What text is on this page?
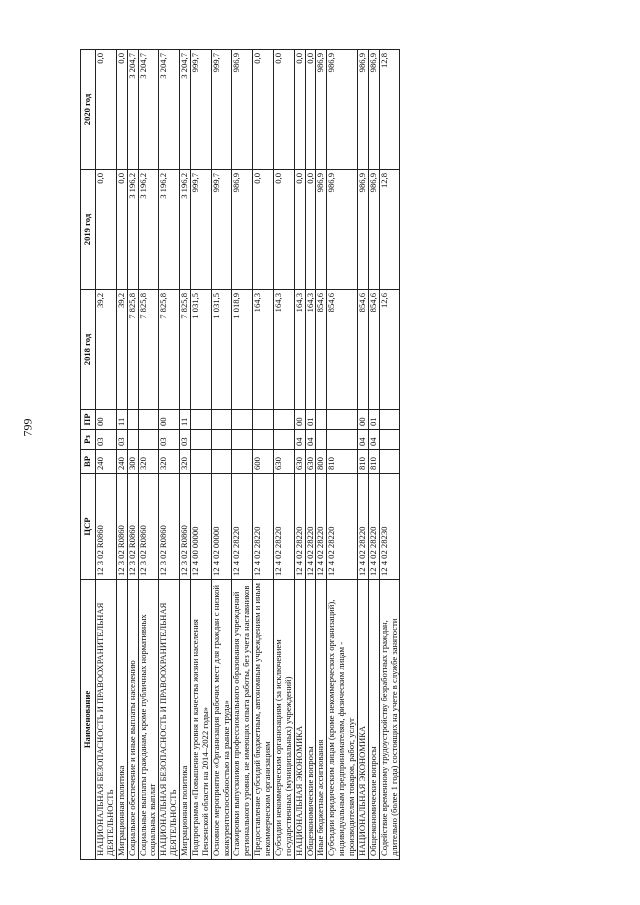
799
Наименование	ЦСР	ВР	Рз	ПР	2018 год	2019 год	2020 год
НАЦИОНАЛЬНАЯ БЕЗОПАСНОСТЬ И ПРАВООХРАНИТЕЛЬНАЯ ДЕЯТЕЛЬНОСТЬ	12 3 02 R0860	240	03	00	39,2	0,0	0,0
Миграционная политика	12 3 02 R0860	240	03	11	39,2	0,0	0,0
Социальное обеспечение и иные выплаты населению	12 3 02 R0860	300			7 825,8	3 196,2	3 204,7
Социальные выплаты гражданам, кроме публичных нормативных социальных выплат	12 3 02 R0860	320			7 825,8	3 196,2	3 204,7
НАЦИОНАЛЬНАЯ БЕЗОПАСНОСТЬ И ПРАВООХРАНИТЕЛЬНАЯ ДЕЯТЕЛЬНОСТЬ	12 3 02 R0860	320	03	00	7 825,8	3 196,2	3 204,7
Миграционная политика	12 3 02 R0860	320	03	11	7 825,8	3 196,2	3 204,7
Подпрограмма «Повышение уровня и качества жизни населения Пензенской области на 2014–2022 годы»	12 4 00 00000				1 031,5	999,7	999,7
Основное мероприятие «Организация рабочих мест для граждан с низкой конкурентоспособностью на рынке труда»	12 4 02 00000				1 031,5	999,7	999,7
Стажировки выпускников профессионального образования учреждений регионального уровня, не имеющих опыта работы, без учета наставников	12 4 02 28220				1 018,9	986,9	986,9
Предоставление субсидий бюджетным, автономным учреждениям и иным некоммерческим организациям	12 4 02 28220	600			164,3	0,0	0,0
Субсидии некоммерческим организациям (за исключением государственных (муниципальных) учреждений)	12 4 02 28220	630			164,3	0,0	0,0
НАЦИОНАЛЬНАЯ ЭКОНОМИКА	12 4 02 28220	630	04	00	164,3	0,0	0,0
Общеэкономические вопросы	12 4 02 28220	630	04	01	164,3	0,0	0,0
Иные бюджетные ассигнования	12 4 02 28220	800			854,6	986,9	986,9
Субсидии юридическим лицам (кроме некоммерческих организаций), индивидуальным предпринимателям, физическим лицам - производителям товаров, работ, услуг	12 4 02 28220	810			854,6	986,9	986,9
НАЦИОНАЛЬНАЯ ЭКОНОМИКА	12 4 02 28220	810	04	00	854,6	986,9	986,9
Общеэкономические вопросы	12 4 02 28220	810	04	01	854,6	986,9	986,9
Содействие временному трудоустройству безработных граждан, длительно (более 1 года) состоящих на учете в службе занятости	12 4 02 28230				12,6	12,8	12,8
